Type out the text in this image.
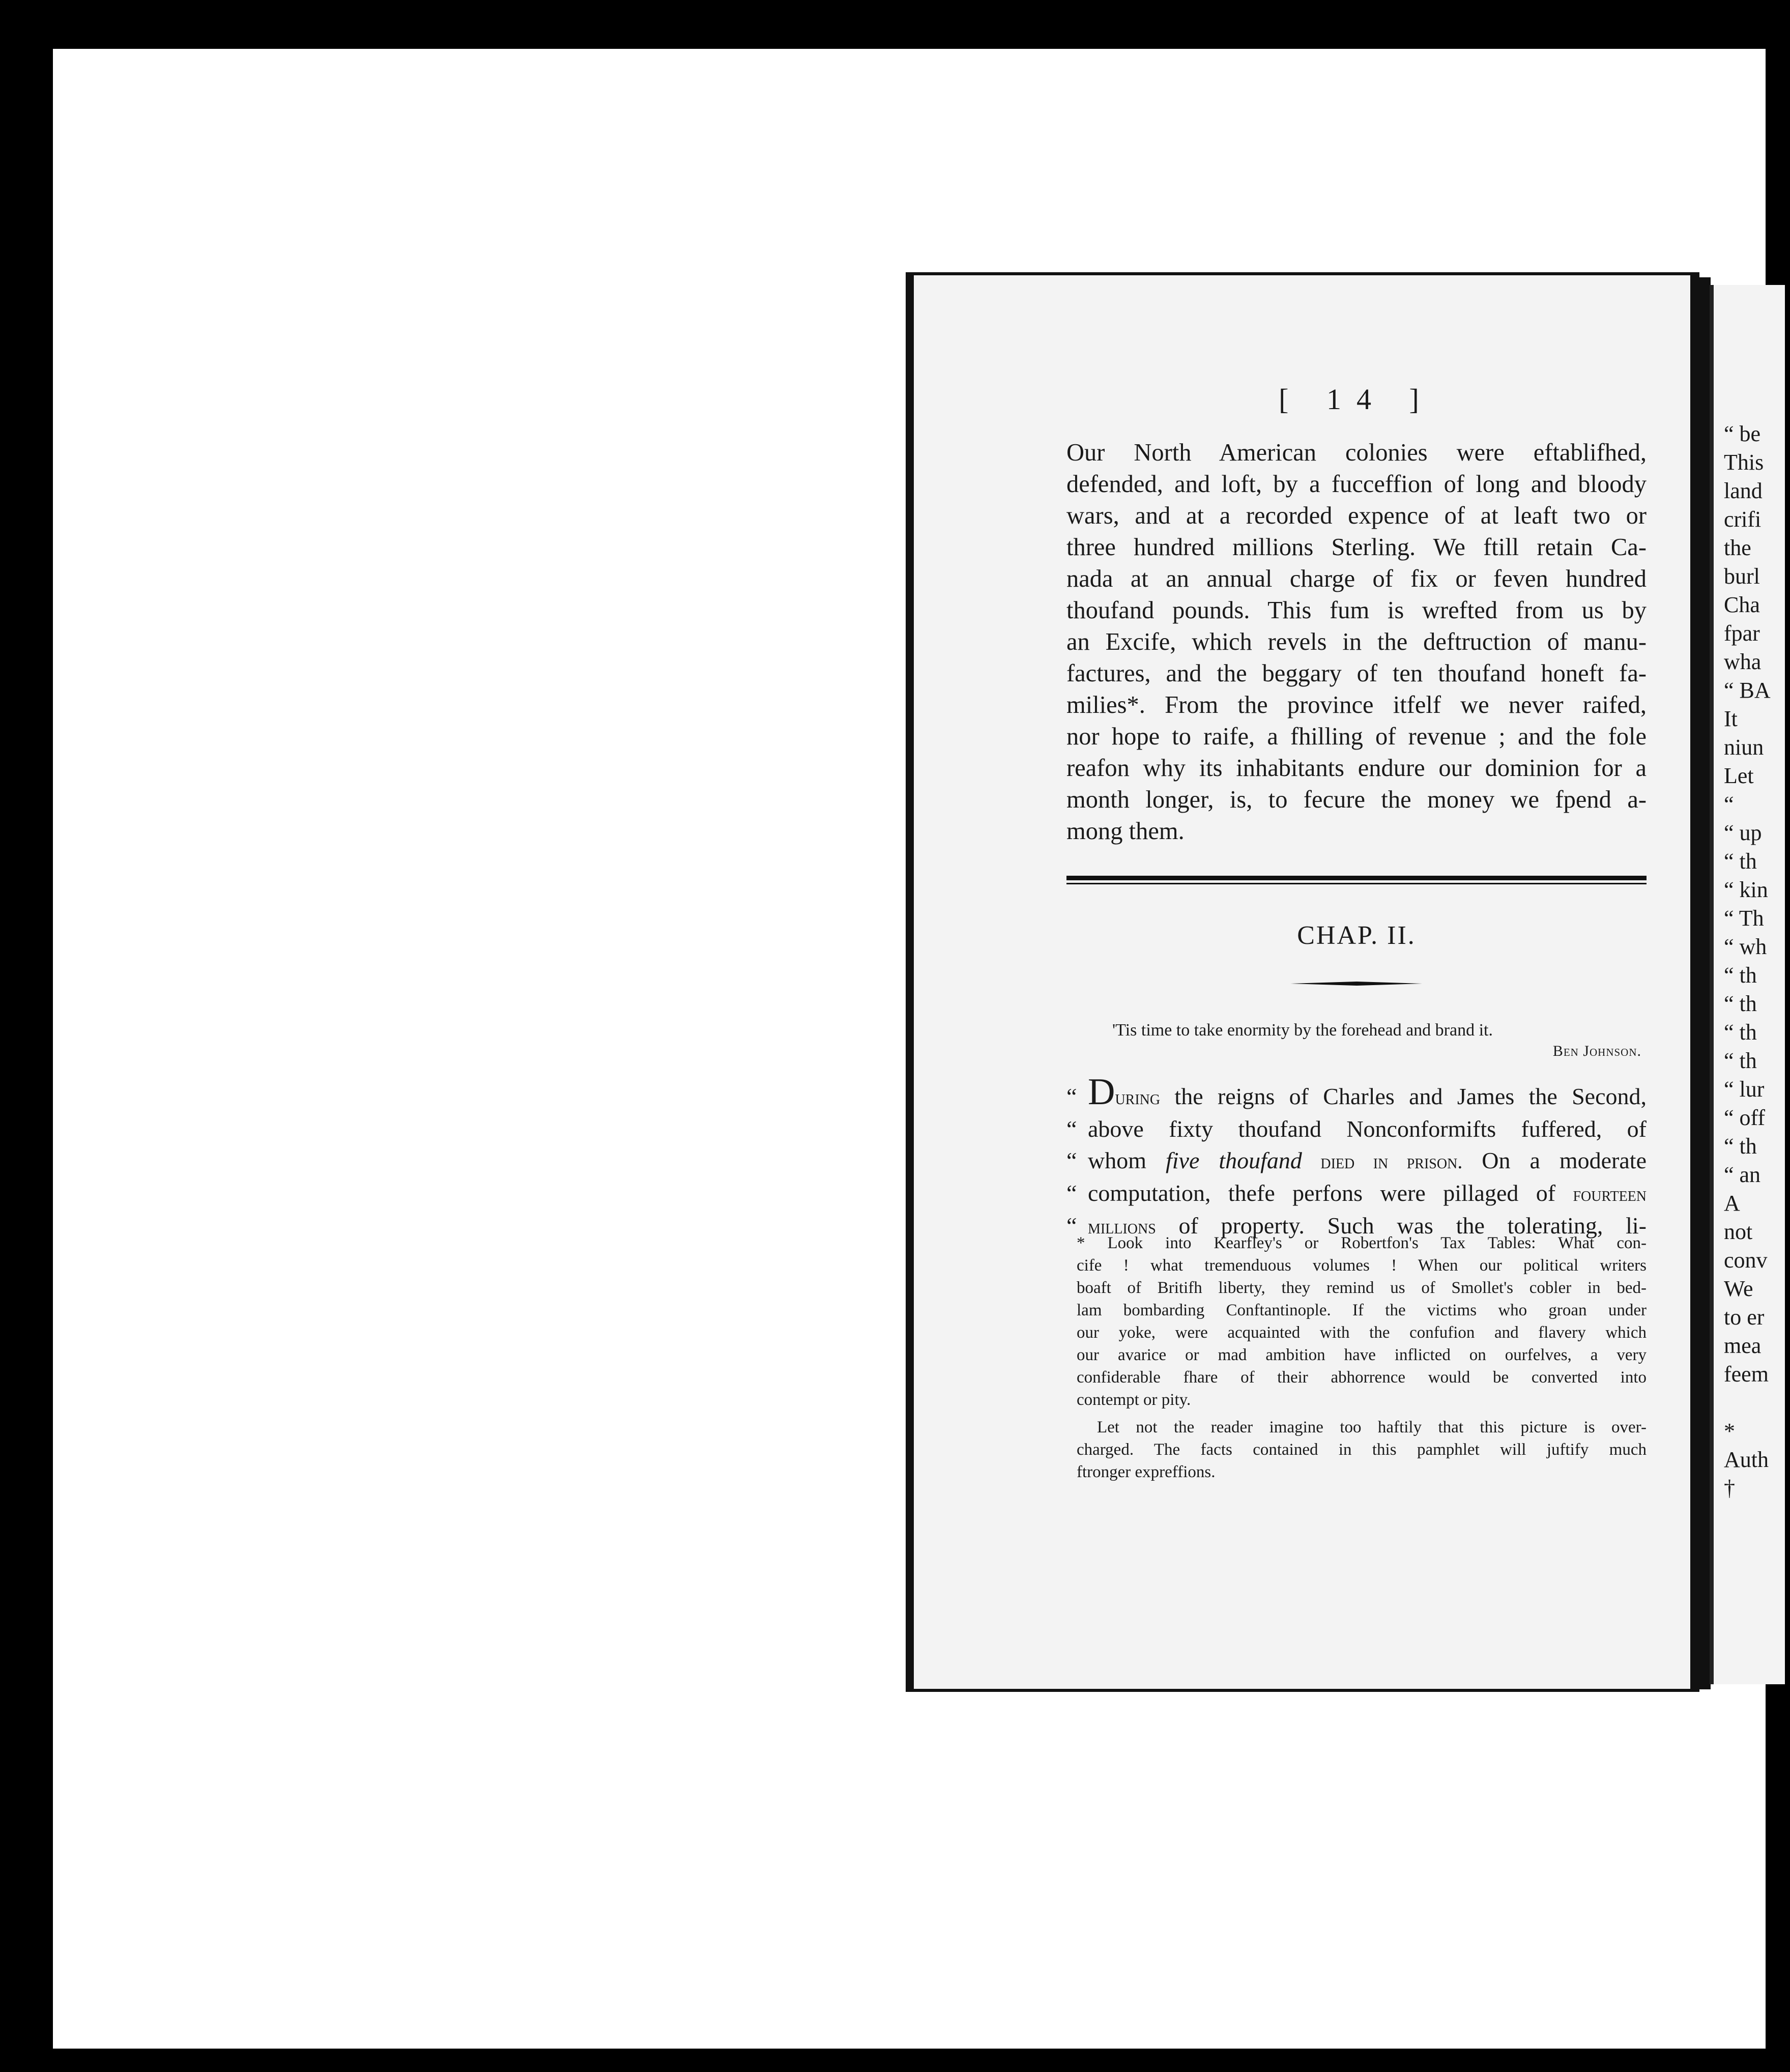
[ 14 ]
Our North American colonies were eftablifhed,
defended, and loft, by a fucceffion of long and bloody
wars, and at a recorded expence of at leaft two or
three hundred millions Sterling. We ftill retain Ca-
nada at an annual charge of fix or feven hundred
thoufand pounds. This fum is wrefted from us by
an Excife, which revels in the deftruction of manu-
factures, and the beggary of ten thoufand honeft fa-
milies*. From the province itfelf we never raifed,
nor hope to raife, a fhilling of revenue ; and the fole
reafon why its inhabitants endure our dominion for a
month longer, is, to fecure the money we fpend a-
mong them.
CHAP. II.
'Tis time to take enormity by the forehead and brand it.
Ben Johnson.
“ During the reigns of Charles and James the Second,
“ above fixty thoufand Nonconformifts fuffered, of
“ whom five thoufand died in prison. On a moderate
“ computation, thefe perfons were pillaged of fourteen
“ millions of property. Such was the tolerating, li-
* Look into Kearfley's or Robertfon's Tax Tables: What con-
cife ! what tremenduous volumes ! When our political writers
boaft of Britifh liberty, they remind us of Smollet's cobler in bed-
lam bombarding Conftantinople. If the victims who groan under
our yoke, were acquainted with the confufion and flavery which
our avarice or mad ambition have inflicted on ourfelves, a very
confiderable fhare of their abhorrence would be converted into
contempt or pity.
Let not the reader imagine too haftily that this picture is over-
charged. The facts contained in this pamphlet will juftify much
ftronger expreffions.
“ be
This
land
crifi
the
burl
Cha
fpar
wha
“ BA
It
niun
Let
“
“ up
“ th
“ kin
“ Th
“ wh
“ th
“ th
“ th
“ th
“ lur
“ off
“ th
“ an
A
not
conv
We
to er
mea
feem

*
Auth
†
